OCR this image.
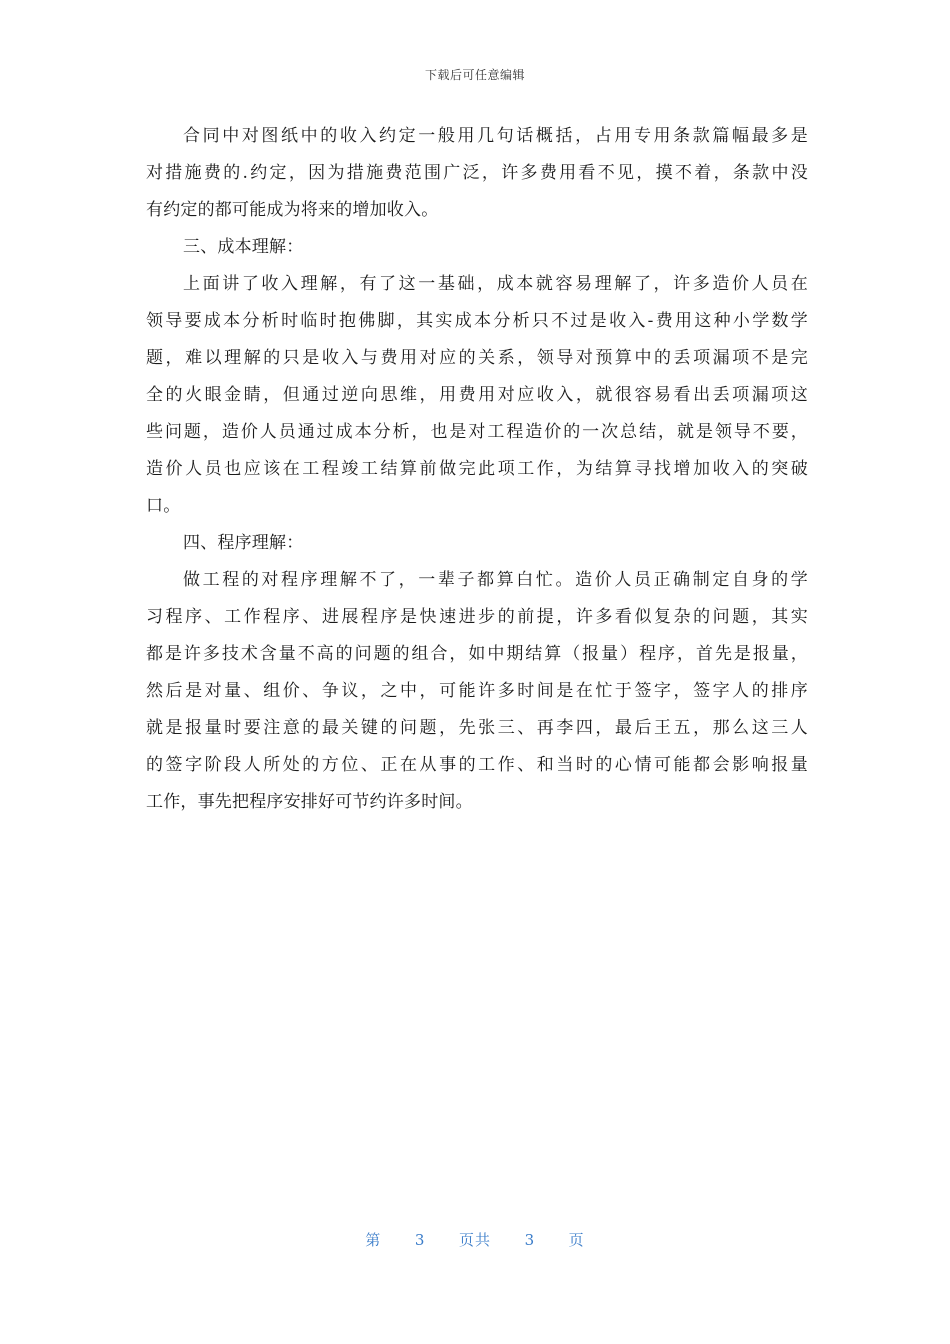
下载后可任意编辑
合同中对图纸中的收入约定一般用几句话概括，占用专用条款篇幅最多是
对措施费的.约定，因为措施费范围广泛，许多费用看不见，摸不着，条款中没
有约定的都可能成为将来的增加收入。
三、成本理解：
上面讲了收入理解，有了这一基础，成本就容易理解了，许多造价人员在
领导要成本分析时临时抱佛脚，其实成本分析只不过是收入-费用这种小学数学
题，难以理解的只是收入与费用对应的关系，领导对预算中的丢项漏项不是完
全的火眼金睛，但通过逆向思维，用费用对应收入，就很容易看出丢项漏项这
些问题，造价人员通过成本分析，也是对工程造价的一次总结，就是领导不要，
造价人员也应该在工程竣工结算前做完此项工作，为结算寻找增加收入的突破
口。
四、程序理解：
做工程的对程序理解不了，一辈子都算白忙。造价人员正确制定自身的学
习程序、工作程序、进展程序是快速进步的前提，许多看似复杂的问题，其实
都是许多技术含量不高的问题的组合，如中期结算（报量）程序，首先是报量，
然后是对量、组价、争议，之中，可能许多时间是在忙于签字，签字人的排序
就是报量时要注意的最关键的问题，先张三、再李四，最后王五，那么这三人
的签字阶段人所处的方位、正在从事的工作、和当时的心情可能都会影响报量
工作，事先把程序安排好可节约许多时间。
第 3 页共 3 页
